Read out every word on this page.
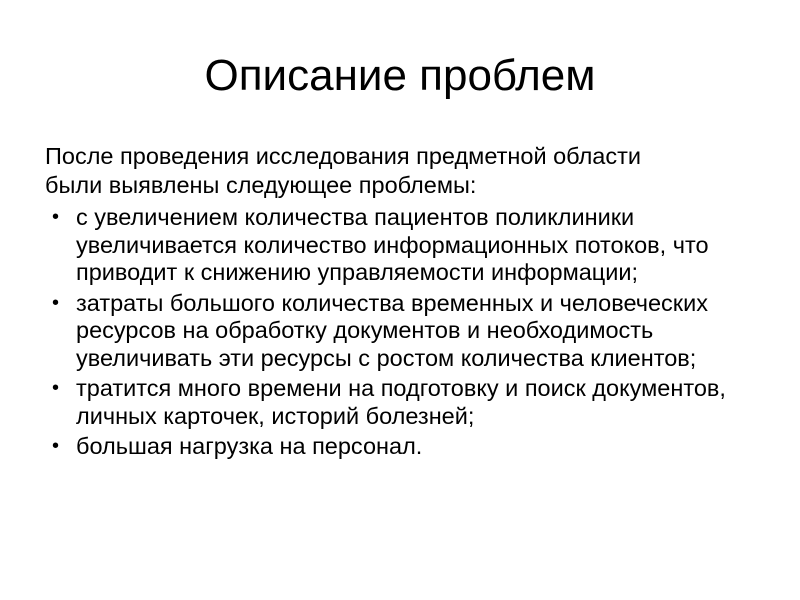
Описание проблем

После проведения исследования предметной области
были выявлены следующее проблемы:

• с увеличением количества пациентов поликлиники увеличивается количество информационных потоков, что приводит к снижению управляемости информации;
• затраты большого количества временных и человеческих ресурсов на обработку документов и необходимость увеличивать эти ресурсы с ростом количества клиентов;
• тратится много времени на подготовку и поиск документов, личных карточек, историй болезней;
• большая нагрузка на персонал.
